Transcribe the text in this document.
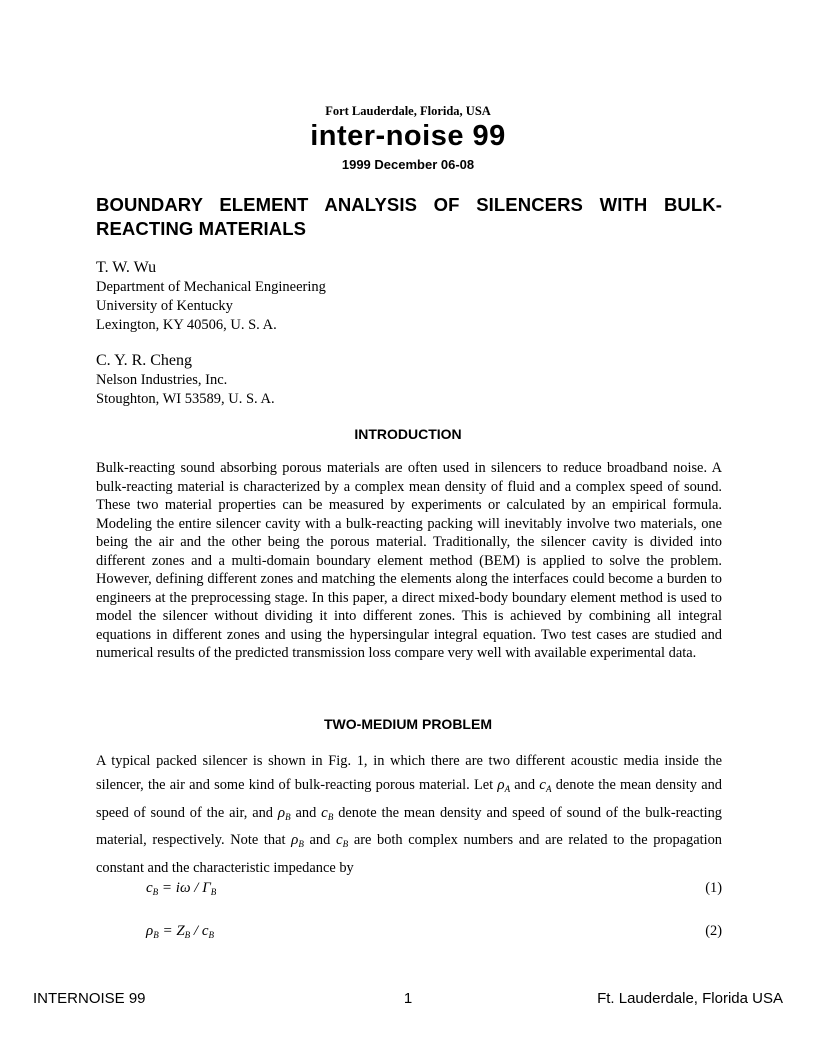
Fort Lauderdale, Florida, USA
inter-noise 99
1999 December 06-08
BOUNDARY ELEMENT ANALYSIS OF SILENCERS WITH BULK-REACTING MATERIALS
T. W. Wu
Department of Mechanical Engineering
University of Kentucky
Lexington, KY 40506, U. S. A.
C. Y. R. Cheng
Nelson Industries, Inc.
Stoughton, WI 53589, U. S. A.
INTRODUCTION
Bulk-reacting sound absorbing porous materials are often used in silencers to reduce broadband noise. A bulk-reacting material is characterized by a complex mean density of fluid and a complex speed of sound. These two material properties can be measured by experiments or calculated by an empirical formula. Modeling the entire silencer cavity with a bulk-reacting packing will inevitably involve two materials, one being the air and the other being the porous material. Traditionally, the silencer cavity is divided into different zones and a multi-domain boundary element method (BEM) is applied to solve the problem. However, defining different zones and matching the elements along the interfaces could become a burden to engineers at the preprocessing stage. In this paper, a direct mixed-body boundary element method is used to model the silencer without dividing it into different zones. This is achieved by combining all integral equations in different zones and using the hypersingular integral equation. Two test cases are studied and numerical results of the predicted transmission loss compare very well with available experimental data.
TWO-MEDIUM PROBLEM
A typical packed silencer is shown in Fig. 1, in which there are two different acoustic media inside the silencer, the air and some kind of bulk-reacting porous material. Let $\rho_A$ and $c_A$ denote the mean density and speed of sound of the air, and $\rho_B$ and $c_B$ denote the mean density and speed of sound of the bulk-reacting material, respectively. Note that $\rho_B$ and $c_B$ are both complex numbers and are related to the propagation constant and the characteristic impedance by
$c_B = i\omega / \Gamma_B$	(1)
$\rho_B = Z_B / c_B$	(2)
INTERNOISE 99	1	Ft. Lauderdale, Florida USA
